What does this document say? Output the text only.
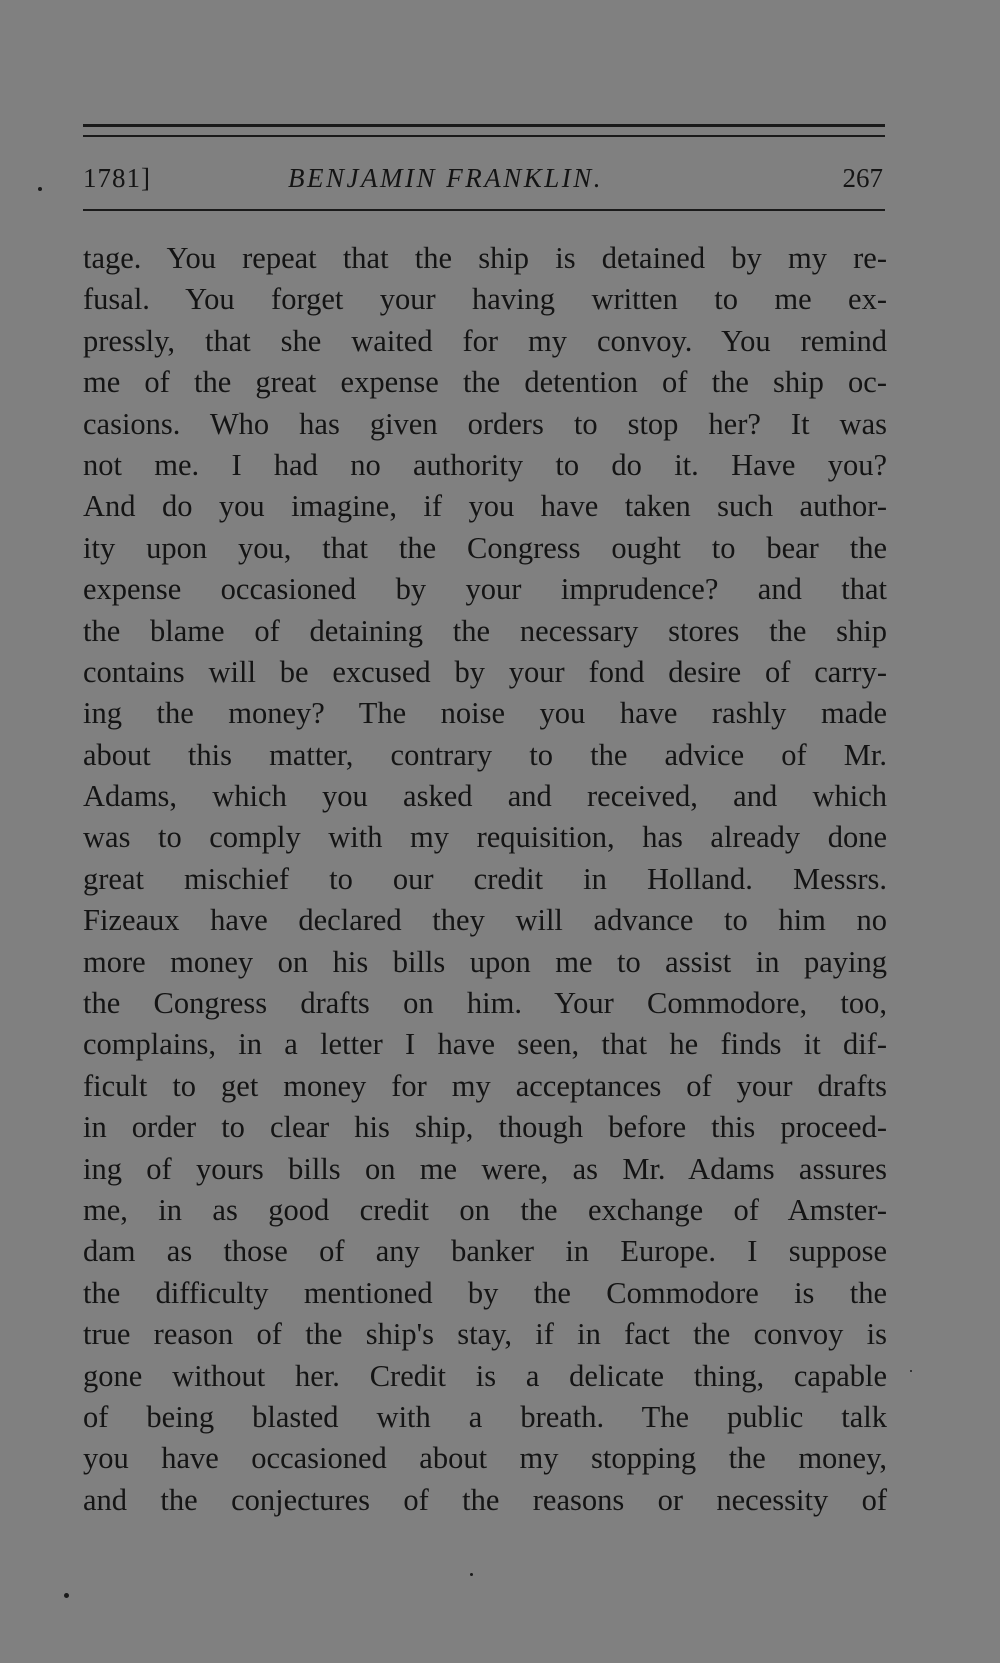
1781]	BENJAMIN FRANKLIN.	267
tage. You repeat that the ship is detained by my re-
fusal. You forget your having written to me ex-
pressly, that she waited for my convoy. You remind
me of the great expense the detention of the ship oc-
casions. Who has given orders to stop her? It was
not me. I had no authority to do it. Have you?
And do you imagine, if you have taken such author-
ity upon you, that the Congress ought to bear the
expense occasioned by your imprudence? and that
the blame of detaining the necessary stores the ship
contains will be excused by your fond desire of carry-
ing the money? The noise you have rashly made
about this matter, contrary to the advice of Mr.
Adams, which you asked and received, and which
was to comply with my requisition, has already done
great mischief to our credit in Holland. Messrs.
Fizeaux have declared they will advance to him no
more money on his bills upon me to assist in paying
the Congress drafts on him. Your Commodore, too,
complains, in a letter I have seen, that he finds it dif-
ficult to get money for my acceptances of your drafts
in order to clear his ship, though before this proceed-
ing of yours bills on me were, as Mr. Adams assures
me, in as good credit on the exchange of Amster-
dam as those of any banker in Europe. I suppose
the difficulty mentioned by the Commodore is the
true reason of the ship's stay, if in fact the convoy is
gone without her. Credit is a delicate thing, capable
of being blasted with a breath. The public talk
you have occasioned about my stopping the money,
and the conjectures of the reasons or necessity of
